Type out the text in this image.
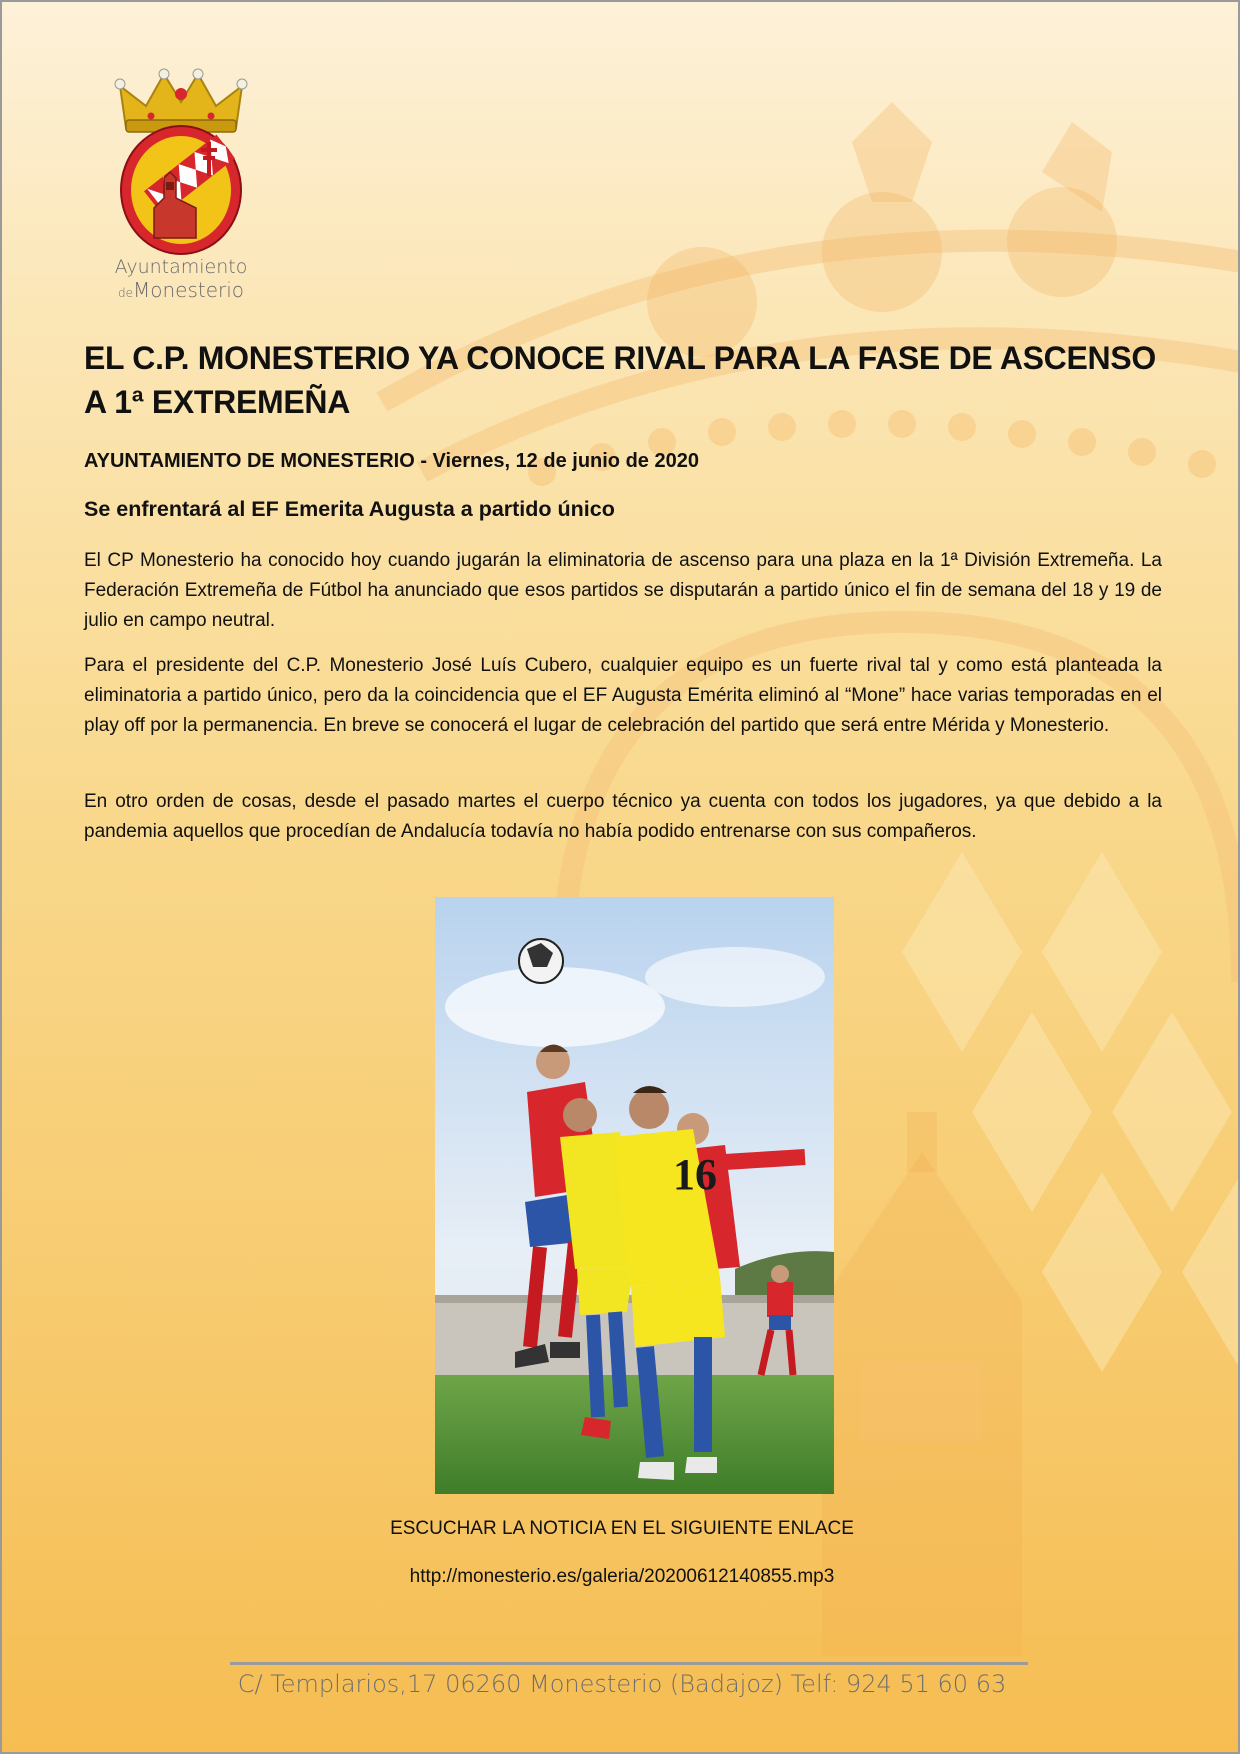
Ayuntamiento
deMonesterio
EL C.P. MONESTERIO YA CONOCE RIVAL PARA LA FASE DE ASCENSO A 1ª EXTREMEÑA
AYUNTAMIENTO DE MONESTERIO - Viernes, 12 de junio de 2020
Se enfrentará al EF Emerita Augusta a partido único

El CP Monesterio ha conocido hoy cuando jugarán la eliminatoria de ascenso para una plaza en la 1ª División Extremeña. La Federación Extremeña de Fútbol ha anunciado que esos partidos se disputarán a partido único el fin de semana del 18 y 19 de julio en campo neutral.

Para el presidente del C.P. Monesterio José Luís Cubero, cualquier equipo es un fuerte rival tal y como está planteada la eliminatoria a partido único, pero da la coincidencia que el EF Augusta Emérita eliminó al “Mone” hace varias temporadas en el play off por la permanencia. En breve se conocerá el lugar de celebración del partido que será entre Mérida y Monesterio.

En otro orden de cosas, desde el pasado martes el cuerpo técnico ya cuenta con todos los jugadores, ya que debido a la pandemia aquellos que procedían de Andalucía todavía no había podido entrenarse con sus compañeros.

16
ESCUCHAR LA NOTICIA EN EL SIGUIENTE ENLACE
http://monesterio.es/galeria/20200612140855.mp3
C/ Templarios,17 06260 Monesterio (Badajoz) Telf: 924 51 60 63
